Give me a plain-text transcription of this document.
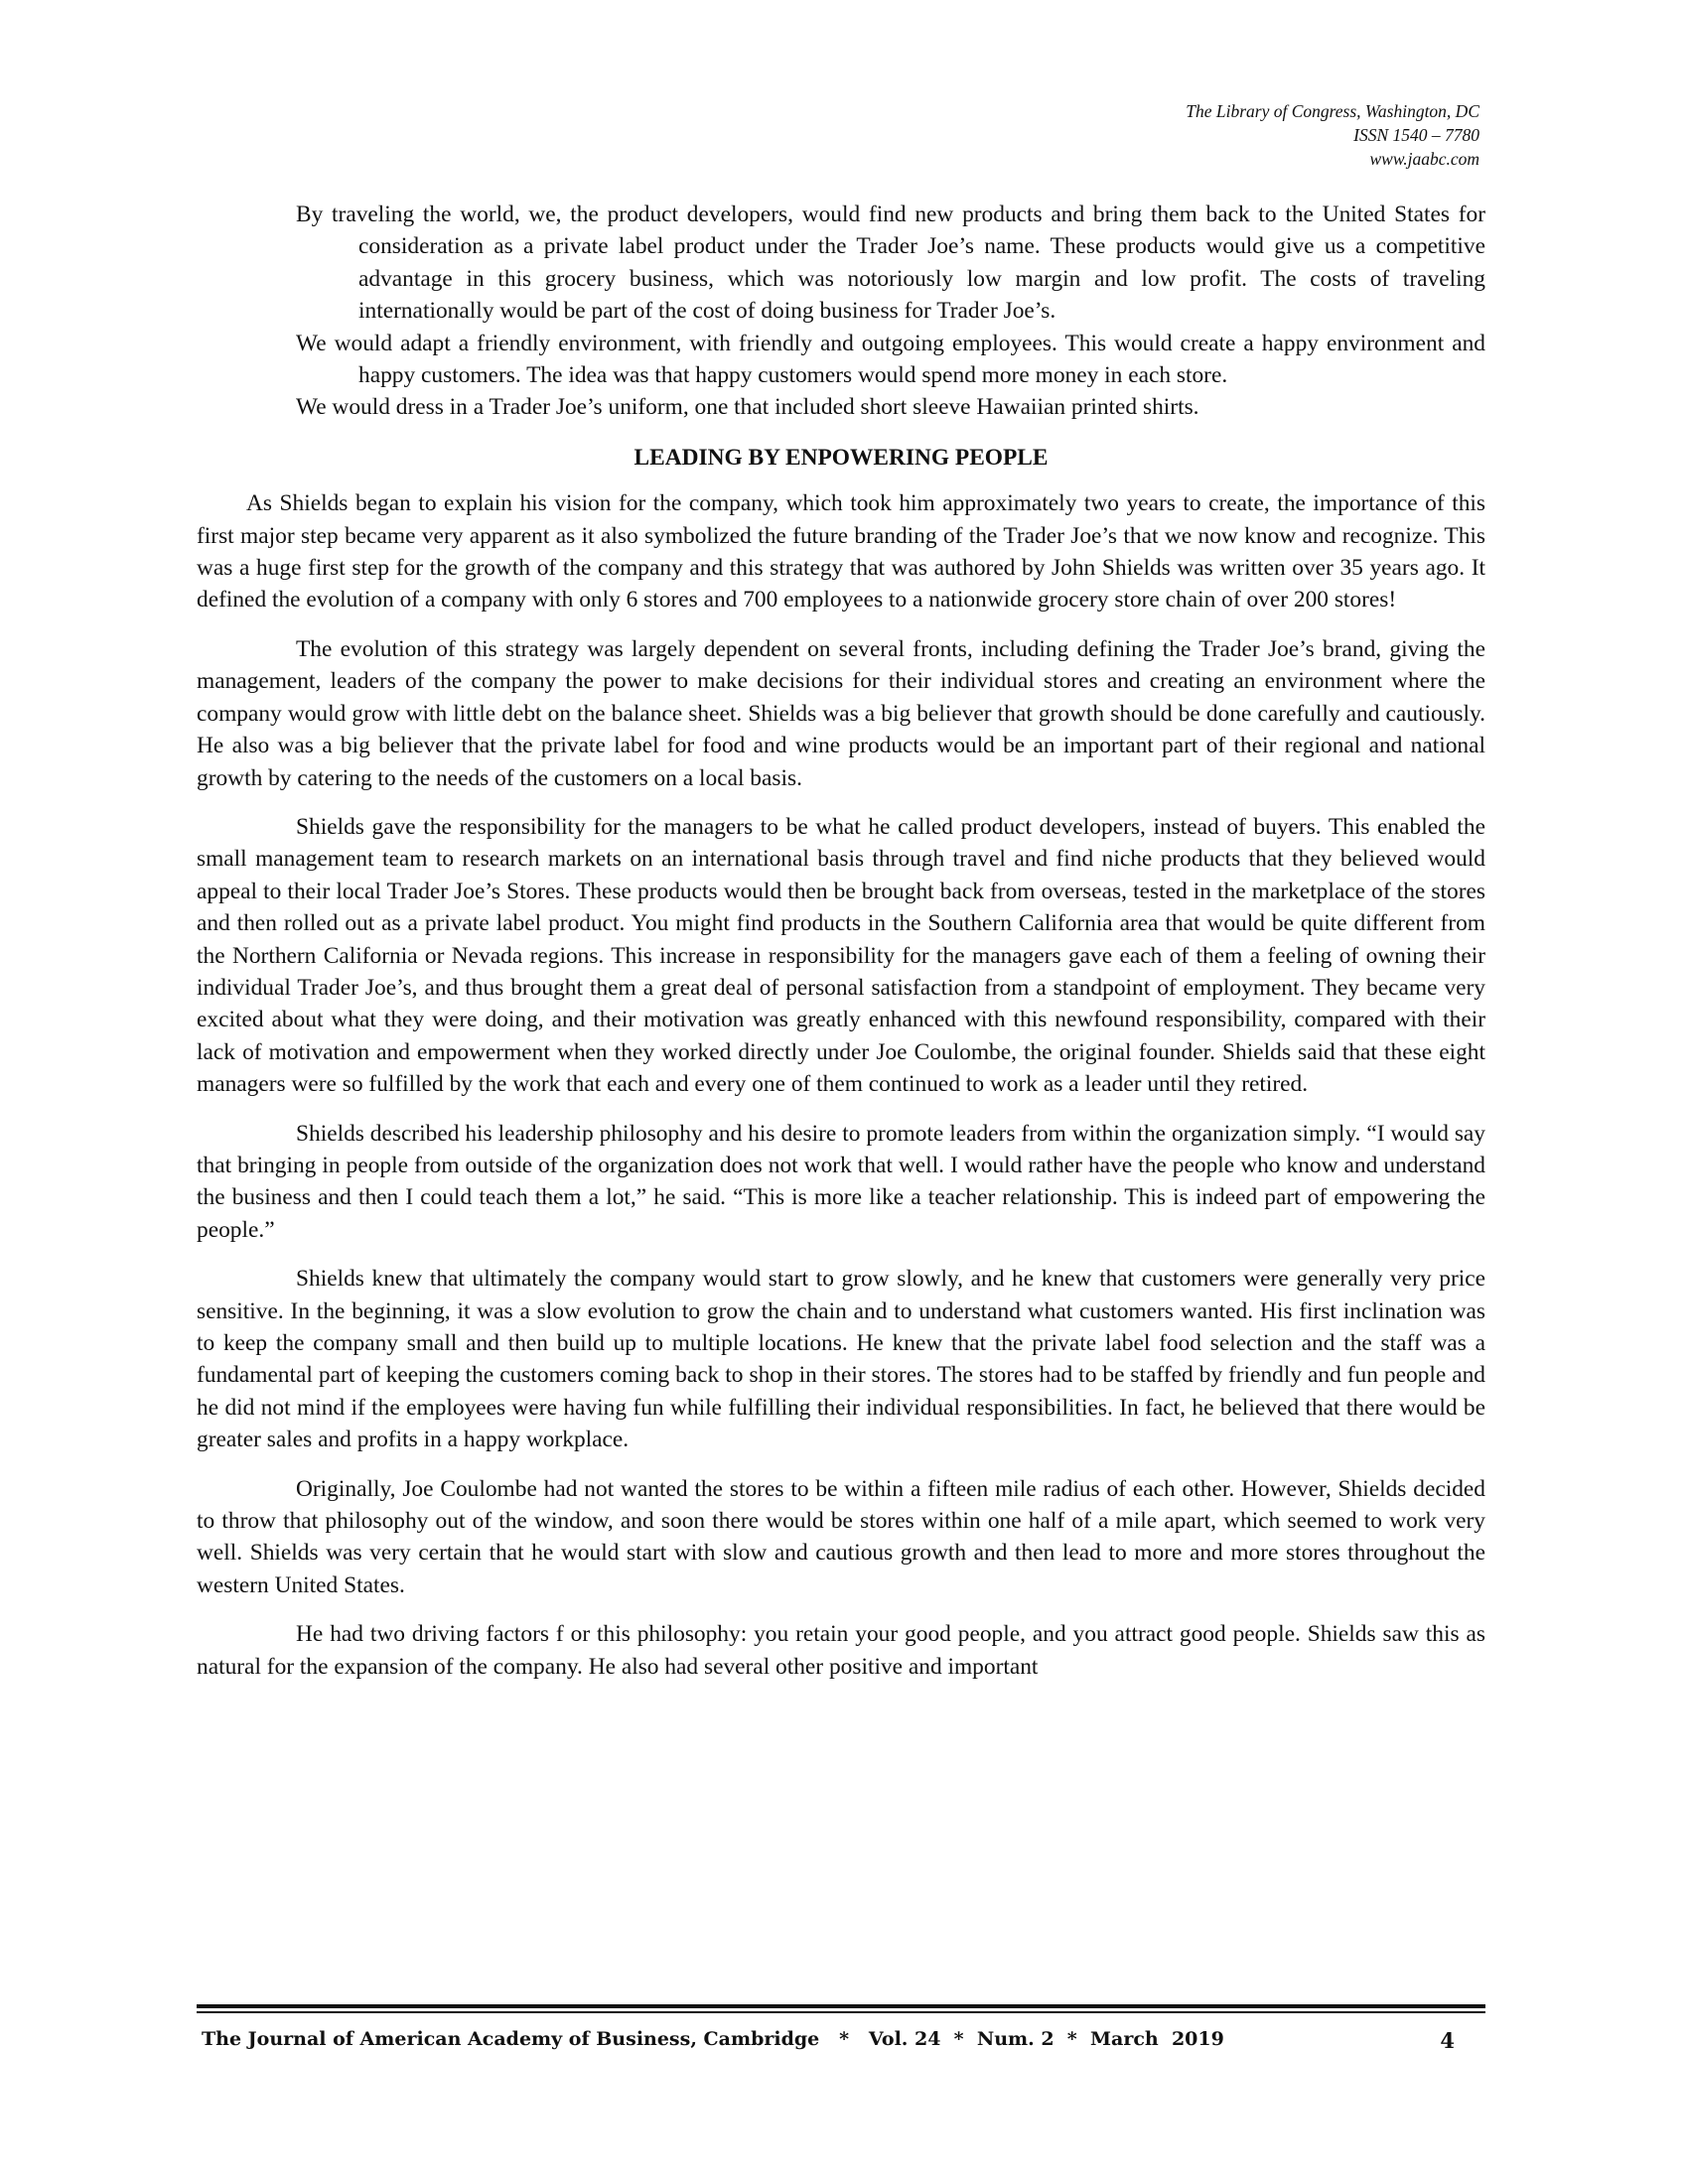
The Library of Congress, Washington, DC
ISSN 1540 – 7780
www.jaabc.com

By traveling the world, we, the product developers, would find new products and bring them back to the United States for consideration as a private label product under the Trader Joe’s name. These products would give us a competitive advantage in this grocery business, which was notoriously low margin and low profit. The costs of traveling internationally would be part of the cost of doing business for Trader Joe’s.

We would adapt a friendly environment, with friendly and outgoing employees. This would create a happy environment and happy customers. The idea was that happy customers would spend more money in each store.

We would dress in a Trader Joe’s uniform, one that included short sleeve Hawaiian printed shirts.

LEADING BY ENPOWERING PEOPLE

As Shields began to explain his vision for the company, which took him approximately two years to create, the importance of this first major step became very apparent as it also symbolized the future branding of the Trader Joe’s that we now know and recognize. This was a huge first step for the growth of the company and this strategy that was authored by John Shields was written over 35 years ago. It defined the evolution of a company with only 6 stores and 700 employees to a nationwide grocery store chain of over 200 stores!

The evolution of this strategy was largely dependent on several fronts, including defining the Trader Joe’s brand, giving the management, leaders of the company the power to make decisions for their individual stores and creating an environment where the company would grow with little debt on the balance sheet. Shields was a big believer that growth should be done carefully and cautiously. He also was a big believer that the private label for food and wine products would be an important part of their regional and national growth by catering to the needs of the customers on a local basis.

Shields gave the responsibility for the managers to be what he called product developers, instead of buyers. This enabled the small management team to research markets on an international basis through travel and find niche products that they believed would appeal to their local Trader Joe’s Stores. These products would then be brought back from overseas, tested in the marketplace of the stores and then rolled out as a private label product. You might find products in the Southern California area that would be quite different from the Northern California or Nevada regions. This increase in responsibility for the managers gave each of them a feeling of owning their individual Trader Joe’s, and thus brought them a great deal of personal satisfaction from a standpoint of employment. They became very excited about what they were doing, and their motivation was greatly enhanced with this newfound responsibility, compared with their lack of motivation and empowerment when they worked directly under Joe Coulombe, the original founder. Shields said that these eight managers were so fulfilled by the work that each and every one of them continued to work as a leader until they retired.

Shields described his leadership philosophy and his desire to promote leaders from within the organization simply. “I would say that bringing in people from outside of the organization does not work that well. I would rather have the people who know and understand the business and then I could teach them a lot,” he said. “This is more like a teacher relationship. This is indeed part of empowering the people.”

Shields knew that ultimately the company would start to grow slowly, and he knew that customers were generally very price sensitive. In the beginning, it was a slow evolution to grow the chain and to understand what customers wanted. His first inclination was to keep the company small and then build up to multiple locations. He knew that the private label food selection and the staff was a fundamental part of keeping the customers coming back to shop in their stores. The stores had to be staffed by friendly and fun people and he did not mind if the employees were having fun while fulfilling their individual responsibilities. In fact, he believed that there would be greater sales and profits in a happy workplace.

Originally, Joe Coulombe had not wanted the stores to be within a fifteen mile radius of each other. However, Shields decided to throw that philosophy out of the window, and soon there would be stores within one half of a mile apart, which seemed to work very well. Shields was very certain that he would start with slow and cautious growth and then lead to more and more stores throughout the western United States.

He had two driving factors f or this philosophy: you retain your good people, and you attract good people. Shields saw this as natural for the expansion of the company. He also had several other positive and important

The Journal of American Academy of Business, Cambridge   *   Vol. 24  *  Num. 2  *  March  2019	4
